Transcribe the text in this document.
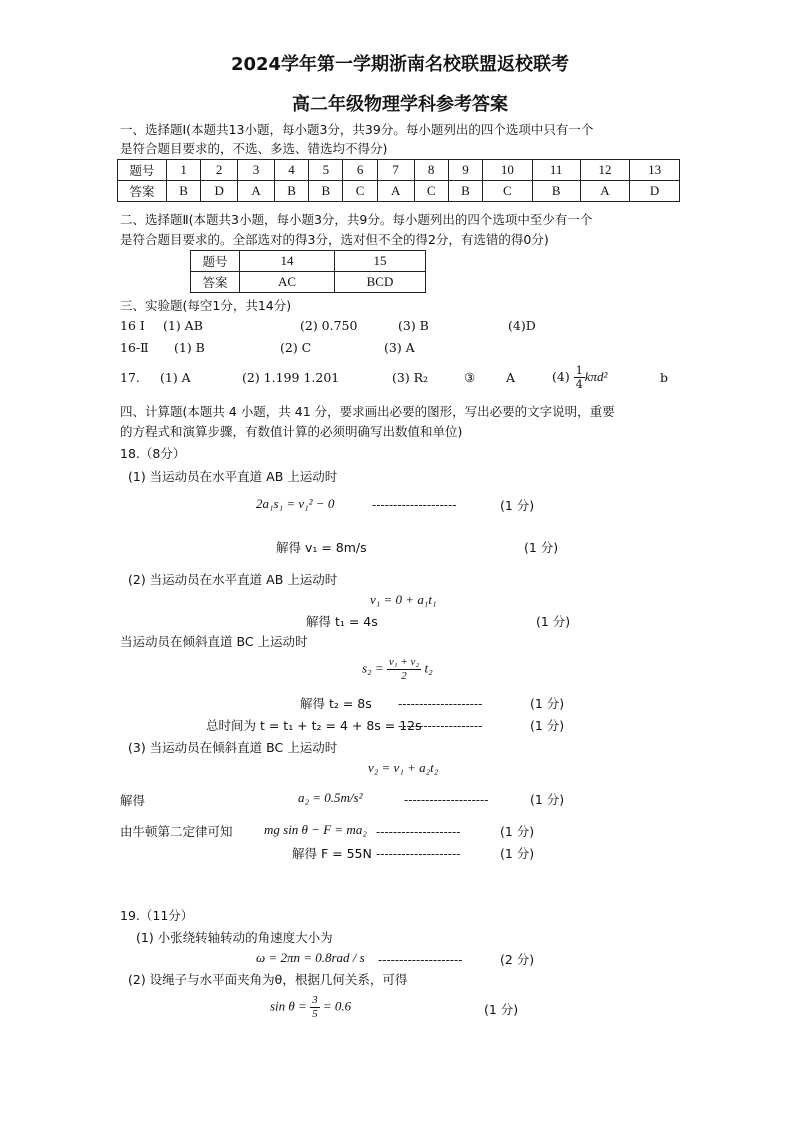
2024学年第一学期浙南名校联盟返校联考
高二年级物理学科参考答案
一、选择题Ⅰ(本题共13小题，每小题3分，共39分。每小题列出的四个选项中只有一个
是符合题目要求的，不选、多选、错选均不得分)
题号	1	2	3	4	5	6	7	8	9	10	11	12	13
答案	B	D	A	B	B	C	A	C	B	C	B	A	D
二、选择题Ⅱ(本题共3小题，每小题3分，共9分。每小题列出的四个选项中至少有一个
是符合题目要求的。全部选对的得3分，选对但不全的得2分，有选错的得0分)
题号	14	15
答案	AC	BCD
三、实验题(每空1分，共14分)
16 Ⅰ (1) AB	(2) 0.750	(3) B	(4)D
16-Ⅱ (1) B	(2) C	(3) A
17. (1) A	(2) 1.199 1.201	(3) R₂	③ A	$(4) \frac{1}{4} k\pi d^2$	b
四、计算题(本题共 4 小题，共 41 分，要求画出必要的图形，写出必要的文字说明，重要
的方程式和演算步骤，有数值计算的必须明确写出数值和单位)
18.（8分）
(1) 当运动员在水平直道 AB 上运动时
2a₁s₁ = v₁² − 0	--------------------	(1 分)
解得 v₁ = 8m/s	(1 分)
(2) 当运动员在水平直道 AB 上运动时
v₁ = 0 + a₁t₁
解得 t₁ = 4s	(1 分)
当运动员在倾斜直道 BC 上运动时
$s_2 = \frac{\text{v₁ + v₂}}{2} t_2$
解得 t₂ = 8s --------------------	(1 分)
总时间为 t = t₁ + t₂ = 4 + 8s = 12s
--------------------	(1 分)
(3) 当运动员在倾斜直道 BC 上运动时
v₂ = v₁ + a₂t₂
解得	a₂ = 0.5m/s²	--------------------	(1 分)
由牛顿第二定律可知 mg sin θ − F = ma₂ --------------------	(1 分)
解得 F = 55N --------------------	(1 分)
19.（11分）
(1) 小张绕转轴转动的角速度大小为
ω = 2πn = 0.8rad / s --------------------	(2 分)
(2) 设绳子与水平面夹角为θ，根据几何关系，可得
$\sin \theta = \frac{3}{5} = 0.6$	(1 分)
